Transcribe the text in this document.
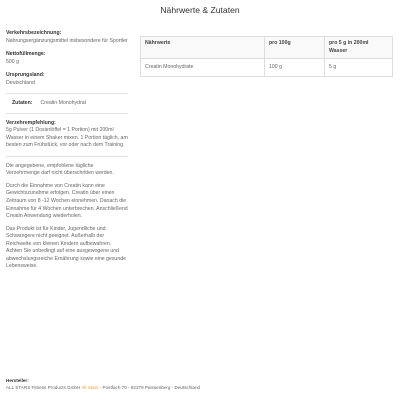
Nährwerte & Zutaten
Verkehrsbezeichnung:
Nahrungsergänzungsmittel insbesondere für Sportler
Nettofüllmenge:
500 g
Ursprungsland:
Deutschland
Zutaten: Creatin Monohydrat
Verzehrempfehlung:
5g Pulver (1 Dosierlöffel = 1 Portion) mit 200ml Wasser in einem Shaker mixen. 1 Portion täglich, am besten zum Frühstück, vor oder nach dem Training.
Die angegebene, empfohlene tägliche Verzehrmenge darf nicht überschritten werden.
Durch die Einnahme von Creatin kann eine Gewichtszunahme erfolgen. Creatin über einen Zeitraum von 8 -12 Wochen einnehmen. Danach die Einnahme für 4 Wochen unterbrechen. Anschließend Creatin Anwendung wiederholen.
Das Produkt ist für Kinder, Jugendliche und Schwangere nicht geeignet. Außerhalb der Reichweite von kleinen Kindern aufbewahren. Achten Sie unbedingt auf eine ausgewogene und abwechslungsreiche Ernährung sowie eine gesunde Lebensweise.
Nährwerte	pro 100g	pro 5 g in 200ml Wasser
Creatin Monohydrate	100 g	5 g
Hersteller:
ALL STARS Fitness Products GmbH All Stars - Postfach 70 - 82378 Peissenberg - Deutschland
